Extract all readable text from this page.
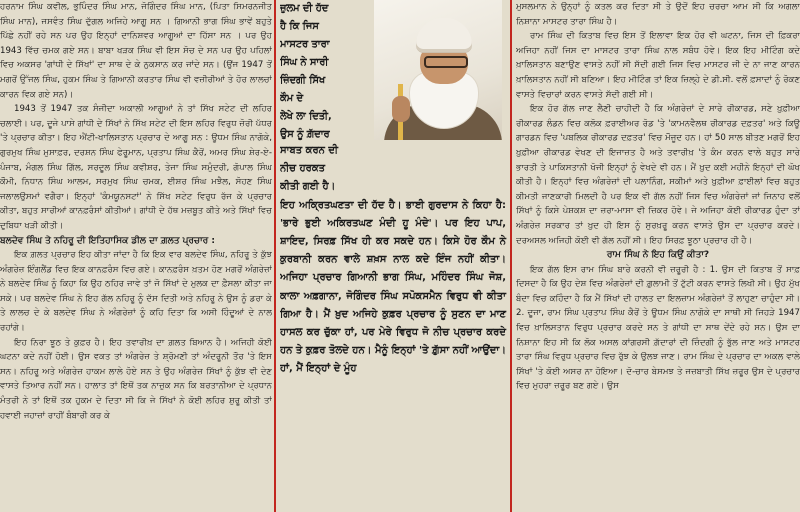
ਹਰਨਾਮ ਸਿੰਘ ਕਵੀਲ, ਭੁਪਿੰਦਰ ਸਿੰਘ ਮਾਨ, ਜੋਗਿੰਦਰ ਸਿੰਘ ਮਾਨ, (ਪਿਤਾ ਸਿਮਰਨਜੀਤ ਸਿੰਘ ਮਾਨ), ਜਸਵੰਤ ਸਿੰਘ ਦੁੱਗਲ ਅਜਿਹੇ ਆਗੂ ਸਨ । ਗਿਆਨੀ ਭਾਗ ਸਿੰਘ ਭਾਵੇਂ ਬਹੁਤੇ ਪਿੱਛੇ ਨਹੀਂ ਰਹੇ ਸਨ ਪਰ ਉਹ ਇਨ੍ਹਾਂ ਦਾਨਿਸ਼ਵਰ ਆਗੂਆਂ ਦਾ ਹਿੱਸਾ ਸਨ । ਪਰ ਉਹ 1943 ਵਿੱਚ ਚਮਕ ਗਏ ਸਨ। ਬਾਬਾ ਖੜਕ ਸਿੰਘ ਵੀ ਇਸ ਸੋਚ ਦੇ ਸਨ ਪਰ ਉਹ ਪਹਿਲਾਂ ਵਿਚ ਅਕਸਰ 'ਗਾਂਧੀ ਦੇ ਸਿੱਖਾਂ' ਦਾ ਸਾਥ ਦੇ ਕੇ ਨੁਕਸਾਨ ਕਰ ਜਾਂਦੇ ਸਨ। (ਉਂਜ 1947 ਤੋਂ ਮਗਰੋਂ ਉੱਜਲ ਸਿੰਘ, ਹੁਕਮ ਸਿੰਘ ਤੇ ਗਿਆਨੀ ਕਰਤਾਰ ਸਿੰਘ ਵੀ ਵਜ਼ੀਰੀਆਂ ਤੇ ਹੋਰ ਲਾਲਚਾਂ ਕਾਰਨ ਵਿਕ ਗਏ ਸਨ)।

1943 ਤੋਂ 1947 ਤਕ ਸੰਜੀਦਾ ਅਕਾਲੀ ਆਗੂਆਂ ਨੇ ਤਾਂ ਸਿੱਖ ਸਟੇਟ ਦੀ ਲਹਿਰ ਚਲਾਈ। ਪਰ, ਦੂਜੇ ਪਾਸੇ ਗਾਂਧੀ ਦੇ ਸਿੱਖਾਂ ਨੇ ਸਿੱਖ ਸਟੇਟ ਦੀ ਇਸ ਲਹਿਰ ਵਿਰੁਧ ਜ਼ੋਰੀ ਪੱਧਰ 'ਤੇ ਪ੍ਰਚਾਰ ਕੀਤਾ। ਇਹ ਐਂਟੀ-ਖਾਲਿਸਤਾਨ ਪ੍ਰਚਾਰ ਦੇ ਆਗੂ ਸਨ : ਊਧਮ ਸਿੰਘ ਨਾਗੋਕੇ, ਗੁਰਮੁਖ ਸਿੰਘ ਮੁਸਾਫ਼ਰ, ਦਰਸ਼ਨ ਸਿੰਘ ਫੇਰੂਮਾਨ, ਪ੍ਰਤਾਪ ਸਿੰਘ ਕੈਰੋਂ, ਅਮਰ ਸਿੰਘ ਸ਼ੇਰ-ਏ-ਪੰਜਾਬ, ਮੰਗਲ ਸਿੰਘ ਗਿੱਲ, ਸਰਦੂਲ ਸਿੰਘ ਕਵੀਸ਼ਰ, ਤੇਜਾ ਸਿੰਘ ਸਮੁੰਦਰੀ, ਗੋਪਾਲ ਸਿੰਘ ਕੌਮੀ, ਨਿਧਾਨ ਸਿੰਘ ਆਲਮ, ਸਰਮੁਖ ਸਿੰਘ ਚਮਕ, ਈਸ਼ਰ ਸਿੰਘ ਮਝੈਲ, ਸੋਹਣ ਸਿੰਘ ਜਲਾਲਉਸਮਾਂ ਵਗੈਰਾ। ਇਨ੍ਹਾਂ 'ਕੰਮਯੂਨਸਟਾਂ' ਨੇ ਸਿੱਖ ਸਟੇਟ ਵਿਰੁਧ ਰੱਜ ਕੇ ਪ੍ਰਚਾਰ ਕੀਤਾ, ਬਹੁਤ ਸਾਰੀਆਂ ਕਾਨਫ਼ਰੰਸਾਂ ਕੀਤੀਆਂ। ਗਾਂਧੀ ਦੇ ਹੱਥ ਮਜ਼ਬੂਤ ਕੀਤੇ ਅਤੇ ਸਿੱਖਾਂ ਵਿਚ ਦੁਬਿਧਾ ਖੜੀ ਕੀਤੀ।

ਬਲਦੇਵ ਸਿੰਘ ਤੇ ਨਹਿਰੂ ਦੀ ਇਤਿਹਾਸਿਕ ਡੀਲ ਦਾ ਗ਼ਲਤ ਪ੍ਰਚਾਰ :

ਇਕ ਗ਼ਲਤ ਪ੍ਰਚਾਰ ਇਹ ਕੀਤਾ ਜਾਂਦਾ ਹੈ ਕਿ ਇਕ ਵਾਰ ਬਲਦੇਵ ਸਿੰਘ, ਨਹਿਰੂ ਤੇ ਕੁੱਝ ਅੰਗਰੇਜ਼ ਇੰਗਲੈਂਡ ਵਿਚ ਇਕ ਕਾਨਫ਼ਰੰਸ ਵਿਚ ਗਏ। ਕਾਨਫ਼ਰੰਸ ਖ਼ਤਮ ਹੋਣ ਮਗਰੋਂ ਅੰਗਰੇਜ਼ਾਂ ਨੇ ਬਲਦੇਵ ਸਿੰਘ ਨੂੰ ਕਿਹਾ ਕਿ ਉਹ ਠਹਿਰ ਜਾਵੇ ਤਾਂ ਜੋ ਸਿੱਖਾਂ ਦੇ ਮੁਲਕ ਦਾ ਫ਼ੈਸਲਾ ਕੀਤਾ ਜਾ ਸਕੇ। ਪਰ ਬਲਦੇਵ ਸਿੰਘ ਨੇ ਇਹ ਗੱਲ ਨਹਿਰੂ ਨੂੰ ਦੱਸ ਦਿਤੀ ਅਤੇ ਨਹਿਰੂ ਨੇ ਉਸ ਨੂੰ ਡਰਾ ਕੇ ਤੇ ਲਾਲਚ ਦੇ ਕੇ ਬਲਦੇਵ ਸਿੰਘ ਨੇ ਅੰਗਰੇਜ਼ਾਂ ਨੂੰ ਕਹਿ ਦਿਤਾ ਕਿ ਅਸੀ ਹਿੰਦੂਆਂ ਦੇ ਨਾਲ ਰਹਾਂਗੇ।

ਇਹ ਨਿਰਾ ਝੂਠ ਤੇ ਕੁਫ਼ਰ ਹੈ। ਇਹ ਤਵਾਰੀਖ਼ ਦਾ ਗ਼ਲਤ ਬਿਆਨ ਹੈ। ਅਜਿਹੀ ਕੋਈ ਘਟਨਾ ਕਦੇ ਨਹੀਂ ਹੋਈ। ਉਸ ਵਕਤ ਤਾਂ ਅੰਗਰੇਜ਼ ਤੇ ਸ਼੍ਰੋਮਣੀ ਤਾਂ ਅੰਦਰੂਨੀ ਤੌਰ 'ਤੇ ਇਸ ਸਨ। ਨਹਿਰੂ ਅਤੇ ਅੰਗਰੇਜ਼ ਹਾਕਮ ਲਾਲੇ ਹੋਏ ਸਨ ਤੇ ਉਹ ਅੰਗਰੇਜ਼ ਸਿੱਖਾਂ ਨੂੰ ਕੁੱਝ ਵੀ ਦੇਣ ਵਾਸਤੇ ਤਿਆਰ ਨਹੀਂ ਸਨ। ਹਾਲਾਤ ਤਾਂ ਇਥੋਂ ਤਕ ਨਾਜ਼ੁਕ ਸਨ ਕਿ ਬਰਤਾਨੀਆ ਦੇ ਪ੍ਰਧਾਨ ਮੰਤਰੀ ਨੇ ਤਾਂ ਇਥੋਂ ਤਕ ਹੁਕਮ ਦੇ ਦਿਤਾ ਸੀ ਕਿ ਜੇ ਸਿੱਖਾਂ ਨੇ ਕੋਈ ਲਹਿਰ ਸ਼ੁਰੂ ਕੀਤੀ ਤਾਂ ਹਵਾਈ ਜਹਾਜ਼ਾਂ ਰਾਹੀਂ ਬੰਬਾਰੀ ਕਰ ਕੇ

ਜ਼ੁਲਮ ਦੀ ਹੱਦ

ਹੈ ਕਿ ਜਿਸ

ਮਾਸਟਰ ਤਾਰਾ

ਸਿੰਘ ਨੇ ਸਾਰੀ

ਜ਼ਿੰਦਗੀ ਸਿੱਖ

ਕੌਮ ਦੇ

ਲੇਖੇ ਲਾ ਦਿਤੀ,

ਉਸ ਨੂੰ ਗ਼ੱਦਾਰ

ਸਾਬਤ ਕਰਨ ਦੀ

ਨੀਚ ਹਰਕਤ

ਕੀਤੀ ਗਈ ਹੈ।

ਇਹ ਅਕ੍ਰਿਤਘਣਤਾ ਦੀ ਹੱਦ ਹੈ। ਭਾਈ ਗੁਰਦਾਸ ਨੇ ਕਿਹਾ ਹੈ: 'ਭਾਰੇ ਭੁਈ ਅਕਿਰਤਘਣ ਮੰਦੀ ਹੂ ਮੰਦੇ'। ਪਰ ਇਹ ਪਾਪ, ਸ਼ਾਇਦ, ਸਿਰਫ਼ ਸਿੱਖ ਹੀ ਕਰ ਸਕਦੇ ਹਨ। ਕਿਸੇ ਹੋਰ ਕੌਮ ਨੇ ਕੁਰਬਾਨੀ ਕਰਨ ਵਾਲੇ ਸ਼ਖ਼ਸ ਨਾਲ ਕਦੇ ਇੰਜ ਨਹੀਂ ਕੀਤਾ। ਅਜਿਹਾ ਪ੍ਰਚਾਰ ਗਿਆਨੀ ਭਾਗ ਸਿੰਘ, ਮਹਿੰਦਰ ਸਿੰਘ ਜੋਸ਼, ਕਾਲਾ ਅਫ਼ਗਾਨਾ, ਜੋਗਿੰਦਰ ਸਿੰਘ ਸਪੋਕਸਮੈਨ ਵਿਰੁਧ ਵੀ ਕੀਤਾ ਗਿਆ ਹੈ। ਮੈਂ ਖ਼ੁਦ ਅਜਿਹੇ ਕੁਫ਼ਰ ਪ੍ਰਚਾਰ ਨੂੰ ਸੁਣਨ ਦਾ ਮਾਣ ਹਾਸਲ ਕਰ ਚੁੱਕਾ ਹਾਂ, ਪਰ ਮੇਰੇ ਵਿਰੁਧ ਜੋ ਨੀਚ ਪ੍ਰਚਾਰ ਕਰਦੇ ਹਨ ਤੇ ਕੁਫ਼ਰ ਤੋਲਦੇ ਹਨ। ਮੈਨੂੰ ਇਨ੍ਹਾਂ 'ਤੇ ਗ਼ੁੱਸਾ ਨਹੀਂ ਆਉਂਦਾ। ਹਾਂ, ਮੈਂ ਇਨ੍ਹਾਂ ਦੇ ਮੂੰਹ

ਮੁਸਲਮਾਨ ਨੇ ਉਨ੍ਹਾਂ ਨੂੰ ਕਤਲ ਕਰ ਦਿਤਾ ਸੀ ਤੇ ਉਦੋਂ ਇਹ ਚਰਚਾ ਆਮ ਸੀ ਕਿ ਅਗਲਾ ਨਿਸ਼ਾਨਾ ਮਾਸਟਰ ਤਾਰਾ ਸਿੰਘ ਹੈ।

ਰਾਮ ਸਿੰਘ ਦੀ ਕਿਤਾਬ ਵਿਚ ਇਸ ਤੋਂ ਇਲਾਵਾ ਇਕ ਹੋਰ ਵੀ ਘਟਨਾ, ਜਿਸ ਦੀ ਫ਼ਿਕਰਾ ਅਜਿਹਾ ਨਹੀਂ ਜਿਸ ਦਾ ਮਾਸਟਰ ਤਾਰਾ ਸਿੰਘ ਨਾਲ ਸਬੰਧ ਹੋਵੇ। ਇਕ ਇਹ ਮੀਟਿੰਗ ਕਦੇ ਖ਼ਾਲਿਸਤਾਨ ਬਣਾਉਣ ਵਾਸਤੇ ਨਹੀਂ ਸੀ ਸੱਦੀ ਗਈ ਜਿਸ ਵਿਚ ਮਾਸਟਰ ਜੀ ਦੇ ਨਾ ਜਾਣ ਕਾਰਨ ਖ਼ਾਲਿਸਤਾਨ ਨਹੀਂ ਸੀ ਬਣਿਆ। ਇਹ ਮੀਟਿੰਗ ਤਾਂ ਇਕ ਜ਼ਿਲ੍ਹੇ ਦੇ ਡੀ.ਸੀ. ਵਲੋਂ ਫ਼ਸਾਦਾਂ ਨੂੰ ਰੋਕਣ ਵਾਸਤੇ ਵਿਚਾਰਾਂ ਕਰਨ ਵਾਸਤੇ ਸੱਦੀ ਗਈ ਸੀ।

ਇਕ ਹੋਰ ਗੱਲ ਜਾਣ ਲੈਣੀ ਚਾਹੀਦੀ ਹੈ ਕਿ ਅੰਗਰੇਜ਼ਾਂ ਦੇ ਸਾਰੇ ਰੀਕਾਰਡ, ਸਣੇ ਖ਼ੁਫ਼ੀਆ ਰੀਕਾਰਡ ਲੰਡਨ ਵਿਚ ਕਲੋਕ ਫ਼ਰਾਈਅਰ ਰੋਡ 'ਤੇ 'ਕਾਮਨਵੈਲਥ ਰੀਕਾਰਡ ਦਫ਼ਤਰ' ਅਤੇ ਕਿਊ ਗਾਰਡਨ ਵਿਚ 'ਪਬਲਿਕ ਰੀਕਾਰਡ ਦਫ਼ਤਰ' ਵਿਚ ਮੌਜੂਦ ਹਨ। ਹਾਂ 50 ਸਾਲ ਬੀਤਣ ਮਗਰੋਂ ਇਹ ਖ਼ੁਫ਼ੀਆ ਰੀਕਾਰਡ ਵੇਖਣ ਦੀ ਇਜਾਜ਼ਤ ਹੈ ਅਤੇ ਤਵਾਰੀਖ਼ 'ਤੇ ਕੰਮ ਕਰਨ ਵਾਲੇ ਬਹੁਤ ਸਾਰੇ ਭਾਰਤੀ ਤੇ ਪਾਕਿਸਤਾਨੀ ਖੋਜੀ ਇਨ੍ਹਾਂ ਨੂੰ ਵੇਖਦੇ ਵੀ ਹਨ। ਮੈਂ ਖ਼ੁਦ ਕਈ ਮਹੀਨੇ ਇਨ੍ਹਾਂ ਦੀ ਘੋਖ ਕੀਤੀ ਹੈ। ਇਨ੍ਹਾਂ ਵਿਚ ਅੰਗਰੇਜ਼ਾਂ ਦੀ ਪਲਾਨਿੰਗ, ਸਕੀਮਾਂ ਅਤੇ ਖ਼ੁਫ਼ੀਆ ਫ਼ਾਈਲਾਂ ਵਿਚ ਬਹੁਤ ਕੀਮਤੀ ਜਾਣਕਾਰੀ ਮਿਲਦੀ ਹੈ ਪਰ ਇਕ ਵੀ ਗੱਲ ਨਹੀਂ ਜਿਸ ਵਿਚ ਅੰਗਰੇਜ਼ਾਂ ਜਾਂ ਜਿਨਾਹ ਵਲੋਂ ਸਿੱਖਾਂ ਨੂੰ ਕਿਸੇ ਪੇਸ਼ਕਸ਼ ਦਾ ਜ਼ਰਾ-ਮਾਸਾ ਵੀ ਜ਼ਿਕਰ ਹੋਵੇ। ਜੇ ਅਜਿਹਾ ਕੋਈ ਰੀਕਾਰਡ ਹੁੰਦਾ ਤਾਂ ਅੰਗਰੇਜ਼ ਸਰਕਾਰ ਤਾਂ ਖ਼ੁਦ ਹੀ ਇਸ ਨੂੰ ਸੁਰਖ਼ਰੂ ਕਰਨ ਵਾਸਤੇ ਉਸ ਦਾ ਪ੍ਰਚਾਰ ਕਰਦੇ। ਦਰਅਸਲ ਅਜਿਹੀ ਕੋਈ ਵੀ ਗੱਲ ਨਹੀਂ ਸੀ। ਇਹ ਸਿਰਫ਼ ਝੂਠਾ ਪ੍ਰਚਾਰ ਹੀ ਹੈ।

ਰਾਮ ਸਿੰਘ ਨੇ ਇਹ ਕਿਉਂ ਕੀਤਾ?

ਇਕ ਗੱਲ ਇਸ ਰਾਮ ਸਿੰਘ ਬਾਰੇ ਕਰਨੀ ਵੀ ਜ਼ਰੂਰੀ ਹੈ : 1. ਉਸ ਦੀ ਕਿਤਾਬ ਤੋਂ ਸਾਫ਼ ਦਿਸਦਾ ਹੈ ਕਿ ਉਹ ਦੇਸ਼ ਵਿਚ ਅੰਗਰੇਜ਼ਾਂ ਦੀ ਗ਼ੁਲਾਮੀ ਤੋਂ ਟੁੱਟੀ ਕਰਨ ਵਾਸਤੇ ਲਿਖੀ ਸੀ। ਉਹ ਮੁੱਖ ਬੰਦਾ ਵਿਚ ਕਹਿੰਦਾ ਹੈ ਕਿ ਮੈਂ ਸਿੱਖਾਂ ਦੀ ਹਾਲਤ ਦਾ ਇਲਜ਼ਾਮ ਅੰਗਰੇਜ਼ਾਂ ਤੋਂ ਲਾਹੁਣਾ ਚਾਹੁੰਦਾ ਸੀ। 2. ਦੂਜਾ, ਰਾਮ ਸਿੰਘ ਪ੍ਰਤਾਪ ਸਿੰਘ ਕੈਰੋਂ ਤੇ ਊਧਮ ਸਿੰਘ ਨਾਗੋਕੇ ਦਾ ਸਾਥੀ ਸੀ ਜਿਹੜੇ 1947 ਵਿਚ ਖ਼ਾਲਿਸਤਾਨ ਵਿਰੁਧ ਪ੍ਰਚਾਰ ਕਰਦੇ ਸਨ ਤੇ ਗਾਂਧੀ ਦਾ ਸਾਥ ਦੇਂਦੇ ਰਹੇ ਸਨ। ਉਸ ਦਾ ਨਿਸ਼ਾਨਾ ਇਹ ਸੀ ਕਿ ਲੋਕ ਅਸਲ ਕਾਂਗਰਸੀ ਗ਼ੱਦਾਰਾਂ ਦੀ ਜ਼ਿੰਦਗੀ ਨੂੰ ਭੁੱਲ ਜਾਣ ਅਤੇ ਮਾਸਟਰ ਤਾਰਾ ਸਿੰਘ ਵਿਰੁਧ ਪ੍ਰਚਾਰ ਵਿਚ ਰੁੱਝ ਕੇ ਉਲਝ ਜਾਣ। ਰਾਮ ਸਿੰਘ ਦੇ ਪ੍ਰਚਾਰ ਦਾ ਅਕਲ ਵਾਲੇ ਸਿੱਖਾਂ 'ਤੇ ਕੋਈ ਅਸਰ ਨਾ ਹੋਇਆ। ਦੋ-ਚਾਰ ਬੇਸਮਝ ਤੇ ਜਜ਼ਬਾਤੀ ਸਿੱਖ ਜ਼ਰੂਰ ਉਸ ਦੇ ਪ੍ਰਚਾਰ ਵਿਚ ਮੁਹਰਾ ਜ਼ਰੂਰ ਬਣ ਗਏ। ਉਸ
